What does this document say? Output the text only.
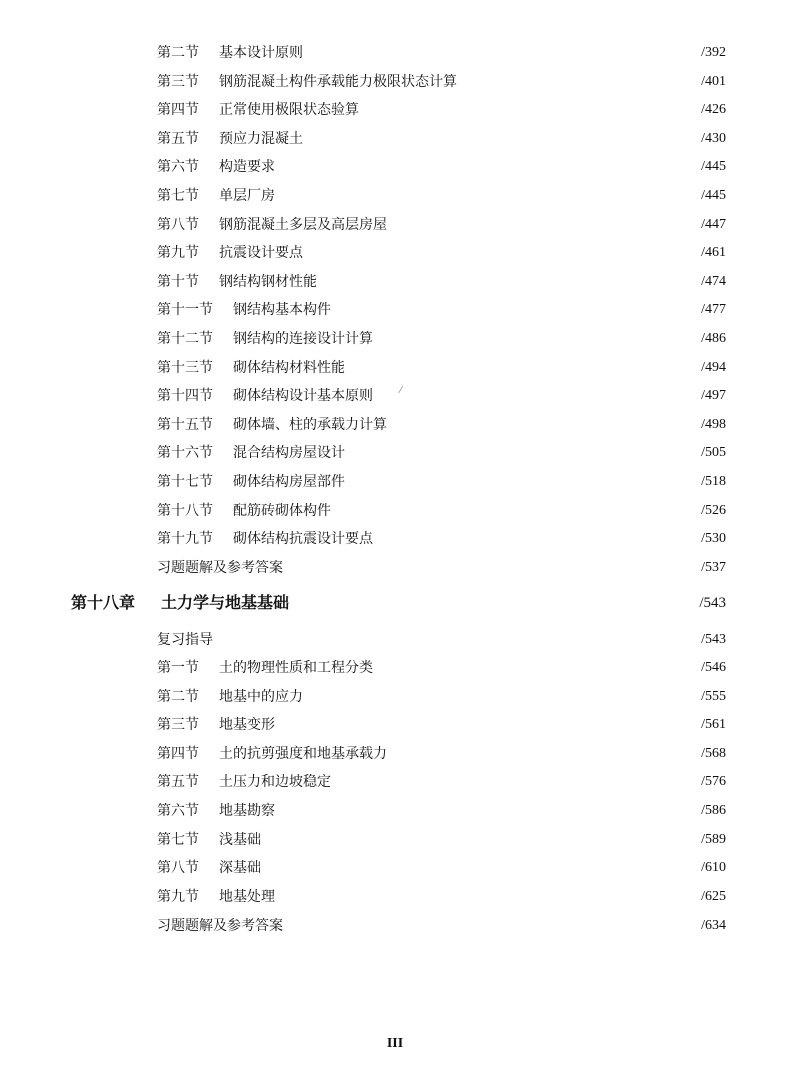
第二节 基本设计原则	/392
第三节 钢筋混凝土构件承载能力极限状态计算	/401
第四节 正常使用极限状态验算	/426
第五节 预应力混凝土	/430
第六节 构造要求	/445
第七节 单层厂房	/445
第八节 钢筋混凝土多层及高层房屋	/447
第九节 抗震设计要点	/461
第十节 钢结构钢材性能	/474
第十一节 钢结构基本构件	/477
第十二节 钢结构的连接设计计算	/486
第十三节 砌体结构材料性能	/494
第十四节 砌体结构设计基本原则	/497
第十五节 砌体墙、柱的承载力计算	/498
第十六节 混合结构房屋设计	/505
第十七节 砌体结构房屋部件	/518
第十八节 配筋砖砌体构件	/526
第十九节 砌体结构抗震设计要点	/530
习题题解及参考答案	/537
第十八章 土力学与地基基础	/543
复习指导	/543
第一节 土的物理性质和工程分类	/546
第二节 地基中的应力	/555
第三节 地基变形	/561
第四节 土的抗剪强度和地基承载力	/568
第五节 土压力和边坡稳定	/576
第六节 地基勘察	/586
第七节 浅基础	/589
第八节 深基础	/610
第九节 地基处理	/625
习题题解及参考答案	/634
⁄
III
